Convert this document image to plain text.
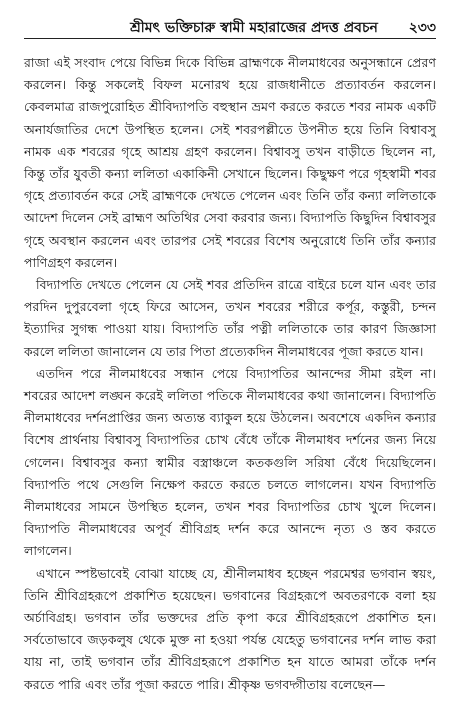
শ্রীমৎ ভক্তিচারু স্বামী মহারাজের প্রদত্ত প্রবচন	২৩৩

রাজা এই সংবাদ পেয়ে বিভিন্ন দিকে বিভিন্ন ব্রাহ্মণকে নীলমাধবের অনুসন্ধানে প্রেরণ করলেন। কিন্তু সকলেই বিফল মনোরথ হয়ে রাজধানীতে প্রত্যাবর্তন করলেন। কেবলমাত্র রাজপুরোহিত শ্রীবিদ্যাপতি বহুস্থান ভ্রমণ করতে করতে শবর নামক একটি অনার্যজাতির দেশে উপস্থিত হলেন। সেই শবরপল্লীতে উপনীত হয়ে তিনি বিশ্বাবসু নামক এক শবরের গৃহে আশ্রয় গ্রহণ করলেন। বিশ্বাবসু তখন বাড়ীতে ছিলেন না, কিন্তু তাঁর যুবতী কন্যা ললিতা একাকিনী সেখানে ছিলেন। কিছুক্ষণ পরে গৃহস্বামী শবর গৃহে প্রত্যাবর্তন করে সেই ব্রাহ্মণকে দেখতে পেলেন এবং তিনি তাঁর কন্যা ললিতাকে আদেশ দিলেন সেই ব্রাহ্মণ অতিথির সেবা করবার জন্য। বিদ্যাপতি কিছুদিন বিশ্বাবসুর গৃহে অবস্থান করলেন এবং তারপর সেই শবরের বিশেষ অনুরোধে তিনি তাঁর কন্যার পাণিগ্রহণ করলেন।

বিদ্যাপতি দেখতে পেলেন যে সেই শবর প্রতিদিন রাত্রে বাইরে চলে যান এবং তার পরদিন দুপুরবেলা গৃহে ফিরে আসেন, তখন শবরের শরীরে কর্পূর, কস্তুরী, চন্দন ইত্যাদির সুগন্ধ পাওয়া যায়। বিদ্যাপতি তাঁর পত্নী ললিতাকে তার কারণ জিজ্ঞাসা করলে ললিতা জানালেন যে তার পিতা প্রত্যেকদিন নীলমাধবের পূজা করতে যান।

এতদিন পরে নীলমাধবের সন্ধান পেয়ে বিদ্যাপতির আনন্দের সীমা রইল না। শবরের আদেশ লঙ্ঘন করেই ললিতা পতিকে নীলমাধবের কথা জানালেন। বিদ্যাপতি নীলমাধবের দর্শনপ্রাপ্তির জন্য অত্যন্ত ব্যাকুল হয়ে উঠলেন। অবশেষে একদিন কন্যার বিশেষ প্রার্থনায় বিশ্বাবসু বিদ্যাপতির চোখ বেঁধে তাঁকে নীলমাধব দর্শনের জন্য নিয়ে গেলেন। বিশ্বাবসুর কন্যা স্বামীর বস্ত্রাঞ্চলে কতকগুলি সরিষা বেঁধে দিয়েছিলেন। বিদ্যাপতি পথে সেগুলি নিক্ষেপ করতে করতে চলতে লাগলেন। যখন বিদ্যাপতি নীলমাধবের সামনে উপস্থিত হলেন, তখন শবর বিদ্যাপতির চোখ খুলে দিলেন। বিদ্যাপতি নীলমাধবের অপূর্ব শ্রীবিগ্রহ দর্শন করে আনন্দে নৃত্য ও স্তব করতে লাগলেন।

এখানে স্পষ্টভাবেই বোঝা যাচ্ছে যে, শ্রীনীলমাধব হচ্ছেন পরমেশ্বর ভগবান স্বয়ং, তিনি শ্রীবিগ্রহরূপে প্রকাশিত হয়েছেন। ভগবানের বিগ্রহরূপে অবতরণকে বলা হয় অর্চাবিগ্রহ। ভগবান তাঁর ভক্তদের প্রতি কৃপা করে শ্রীবিগ্রহরূপে প্রকাশিত হন। সর্বতোভাবে জড়কলুষ থেকে মুক্ত না হওয়া পর্যন্ত যেহেতু ভগবানের দর্শন লাভ করা যায় না, তাই ভগবান তাঁর শ্রীবিগ্রহরূপে প্রকাশিত হন যাতে আমরা তাঁকে দর্শন করতে পারি এবং তাঁর পূজা করতে পারি। শ্রীকৃষ্ণ ভগবদ্গীতায় বলেছেন—
